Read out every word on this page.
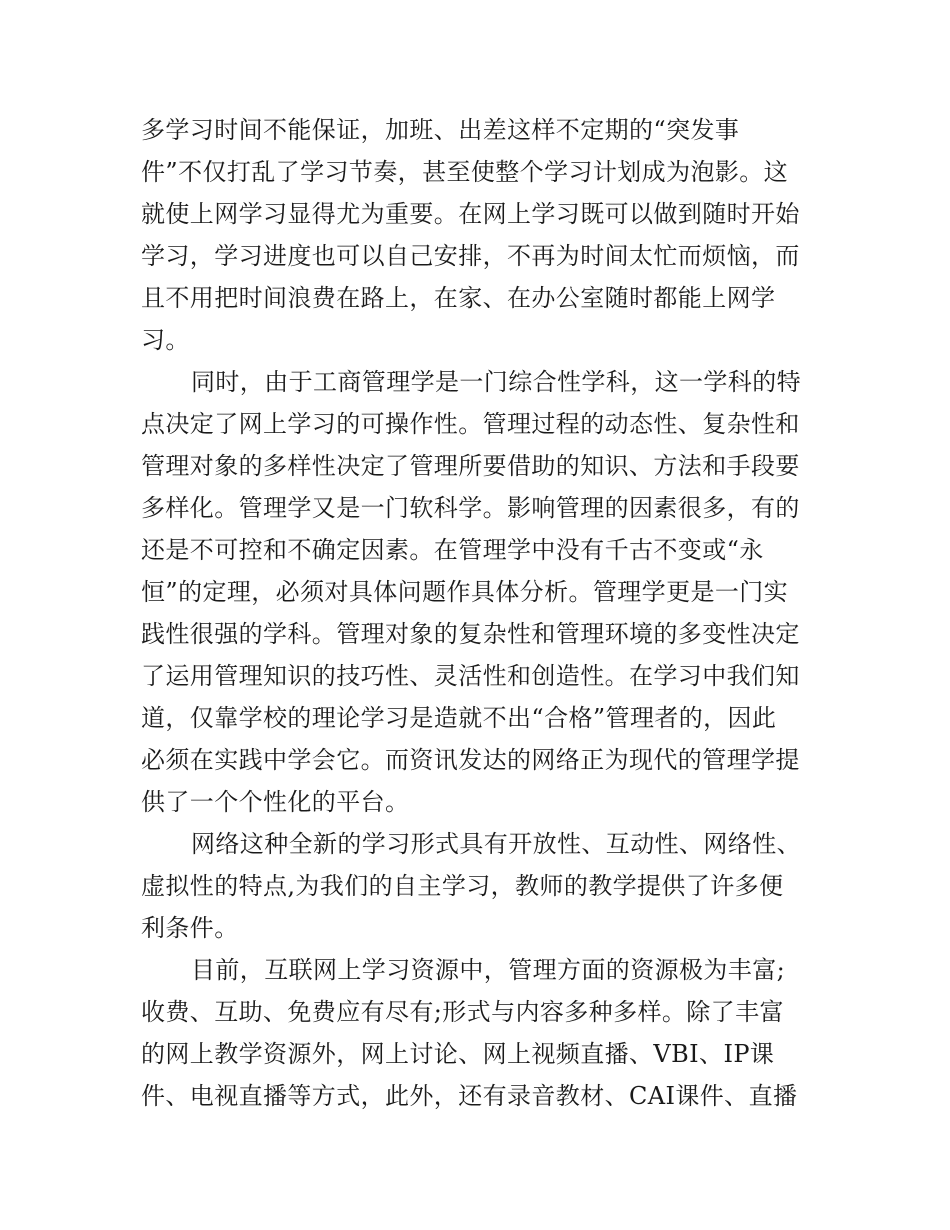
多学习时间不能保证，加班、出差这样不定期的“突发事
件”不仅打乱了学习节奏，甚至使整个学习计划成为泡影。这
就使上网学习显得尤为重要。在网上学习既可以做到随时开始
学习，学习进度也可以自己安排，不再为时间太忙而烦恼，而
且不用把时间浪费在路上，在家、在办公室随时都能上网学
习。
同时，由于工商管理学是一门综合性学科，这一学科的特
点决定了网上学习的可操作性。管理过程的动态性、复杂性和
管理对象的多样性决定了管理所要借助的知识、方法和手段要
多样化。管理学又是一门软科学。影响管理的因素很多，有的
还是不可控和不确定因素。在管理学中没有千古不变或“永
恒”的定理，必须对具体问题作具体分析。管理学更是一门实
践性很强的学科。管理对象的复杂性和管理环境的多变性决定
了运用管理知识的技巧性、灵活性和创造性。在学习中我们知
道，仅靠学校的理论学习是造就不出“合格”管理者的，因此
必须在实践中学会它。而资讯发达的网络正为现代的管理学提
供了一个个性化的平台。
网络这种全新的学习形式具有开放性、互动性、网络性、
虚拟性的特点,为我们的自主学习，教师的教学提供了许多便
利条件。
目前，互联网上学习资源中，管理方面的资源极为丰富;
收费、互助、免费应有尽有;形式与内容多种多样。除了丰富
的网上教学资源外，网上讨论、网上视频直播、VBI、IP课
件、电视直播等方式，此外，还有录音教材、CAI课件、直播
